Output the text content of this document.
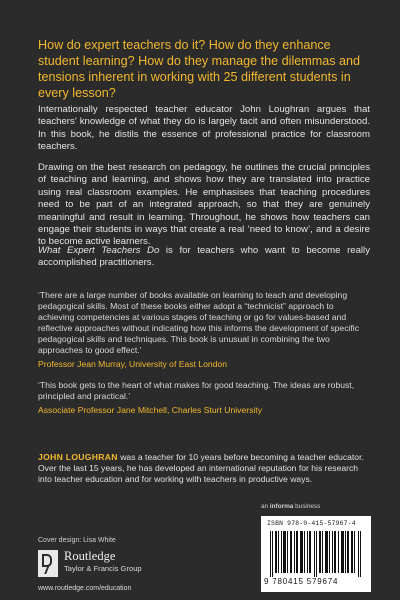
How do expert teachers do it? How do they enhance student learning? How do they manage the dilemmas and tensions inherent in working with 25 different students in every lesson?
Internationally respected teacher educator John Loughran argues that teachers’ knowledge of what they do is largely tacit and often misunderstood. In this book, he distils the essence of professional practice for classroom teachers.
Drawing on the best research on pedagogy, he outlines the crucial principles of teaching and learning, and shows how they are translated into practice using real classroom examples. He emphasises that teaching procedures need to be part of an integrated approach, so that they are genuinely meaningful and result in learning. Throughout, he shows how teachers can engage their students in ways that create a real ‘need to know’, and a desire to become active learners.
What Expert Teachers Do is for teachers who want to become really accomplished practitioners.
‘There are a large number of books available on learning to teach and developing pedagogical skills. Most of these books either adopt a “technicist” approach to achieving competencies at various stages of teaching or go for values-based and reflective approaches without indicating how this informs the development of specific pedagogical skills and techniques. This book is unusual in combining the two approaches to good effect.’
Professor Jean Murray, University of East London
‘This book gets to the heart of what makes for good teaching. The ideas are robust, principled and practical.’
Associate Professor Jane Mitchell, Charles Sturt University
JOHN LOUGHRAN was a teacher for 10 years before becoming a teacher educator. Over the last 15 years, he has developed an international reputation for his research into teacher education and for working with teachers in productive ways.
Cover design: Lisa White
Routledge
Taylor & Francis Group
www.routledge.com/education
an informa business
ISBN 978-0-415-57967-4
9 780415 579674
